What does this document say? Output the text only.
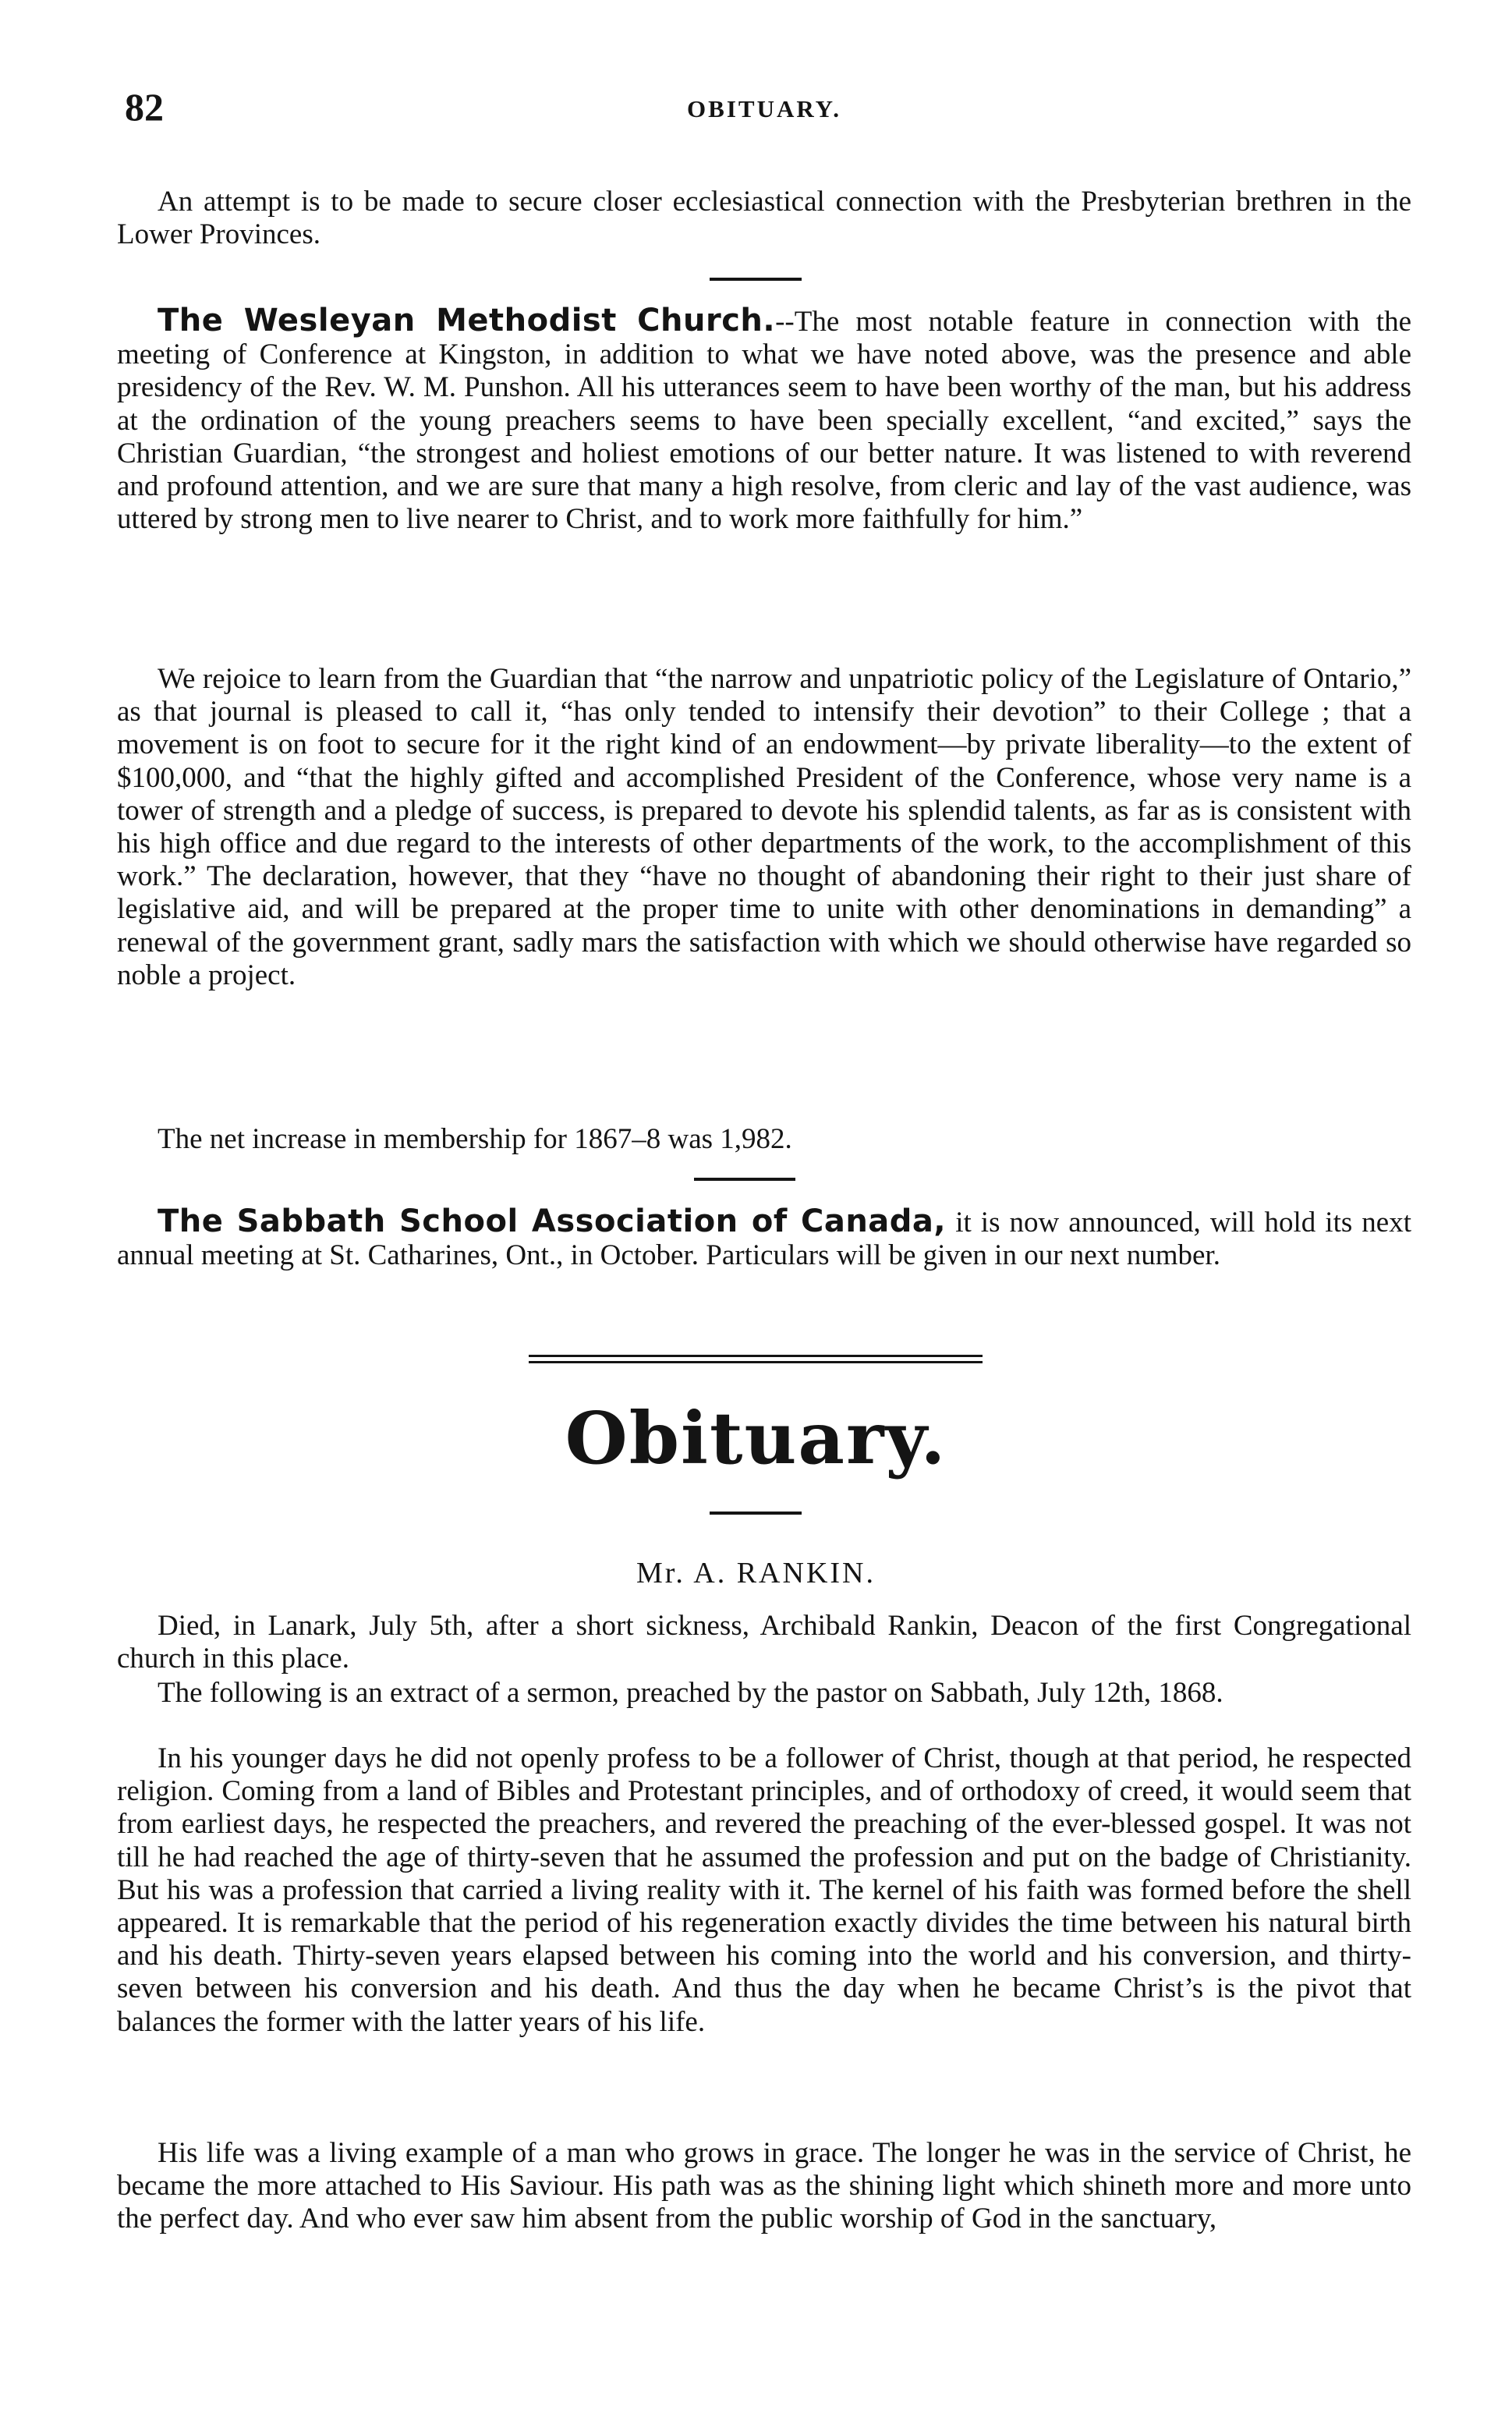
82	OBITUARY.

An attempt is to be made to secure closer ecclesiastical connection with the Presbyterian brethren in the Lower Provinces.

The Wesleyan Methodist Church.--The most notable feature in connection with the meeting of Conference at Kingston, in addition to what we have noted above, was the presence and able presidency of the Rev. W. M. Punshon. All his utterances seem to have been worthy of the man, but his address at the ordination of the young preachers seems to have been specially excellent, “and excited,” says the Christian Guardian, “the strongest and holiest emotions of our better nature. It was listened to with reverend and profound attention, and we are sure that many a high resolve, from cleric and lay of the vast audience, was uttered by strong men to live nearer to Christ, and to work more faithfully for him.”

We rejoice to learn from the Guardian that “the narrow and unpatriotic policy of the Legislature of Ontario,” as that journal is pleased to call it, “has only tended to intensify their devotion” to their College ; that a movement is on foot to secure for it the right kind of an endowment—by private liberality—to the extent of $100,000, and “that the highly gifted and accomplished President of the Conference, whose very name is a tower of strength and a pledge of success, is prepared to devote his splendid talents, as far as is consistent with his high office and due regard to the interests of other departments of the work, to the accomplishment of this work.” The declaration, however, that they “have no thought of abandoning their right to their just share of legislative aid, and will be prepared at the proper time to unite with other denominations in demanding” a renewal of the government grant, sadly mars the satisfaction with which we should otherwise have regarded so noble a project.

The net increase in membership for 1867–8 was 1,982.

The Sabbath School Association of Canada, it is now announced, will hold its next annual meeting at St. Catharines, Ont., in October. Particulars will be given in our next number.

Obituary.
Mr. A. RANKIN.

Died, in Lanark, July 5th, after a short sickness, Archibald Rankin, Deacon of the first Congregational church in this place.

The following is an extract of a sermon, preached by the pastor on Sabbath, July 12th, 1868.

In his younger days he did not openly profess to be a follower of Christ, though at that period, he respected religion. Coming from a land of Bibles and Protestant principles, and of orthodoxy of creed, it would seem that from earliest days, he respected the preachers, and revered the preaching of the ever-blessed gospel. It was not till he had reached the age of thirty-seven that he assumed the profession and put on the badge of Christianity. But his was a profession that carried a living reality with it. The kernel of his faith was formed before the shell appeared. It is remarkable that the period of his regeneration exactly divides the time between his natural birth and his death. Thirty-seven years elapsed between his coming into the world and his conversion, and thirty-seven between his conversion and his death. And thus the day when he became Christ’s is the pivot that balances the former with the latter years of his life.

His life was a living example of a man who grows in grace. The longer he was in the service of Christ, he became the more attached to His Saviour. His path was as the shining light which shineth more and more unto the perfect day. And who ever saw him absent from the public worship of God in the sanctuary,
